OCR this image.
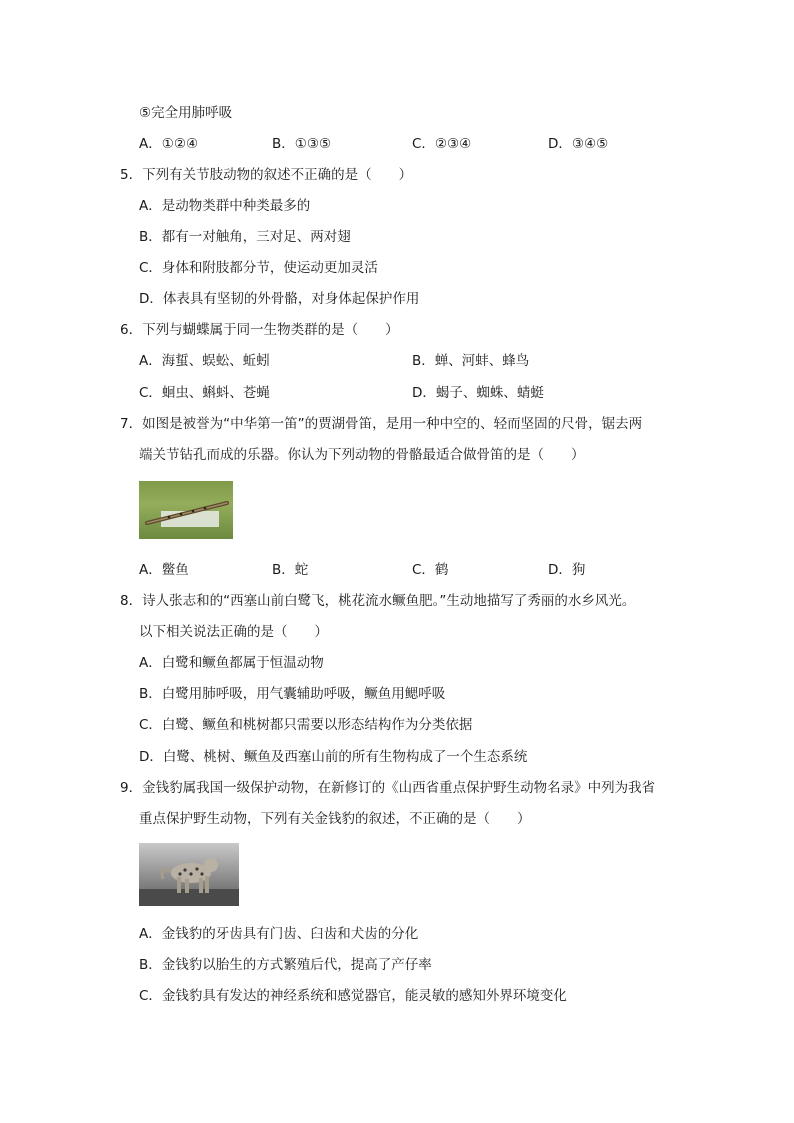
⑤完全用肺呼吸
A．①②④	B．①③⑤	C．②③④	D．③④⑤
5．下列有关节肢动物的叙述不正确的是（　　）
A．是动物类群中种类最多的
B．都有一对触角，三对足、两对翅
C．身体和附肢都分节，使运动更加灵活
D．体表具有坚韧的外骨骼，对身体起保护作用
6．下列与蝴蝶属于同一生物类群的是（　　）
A．海蜇、蜈蚣、蚯蚓	B．蝉、河蚌、蜂鸟
C．蛔虫、蝌蚪、苍蝇	D．蝎子、蜘蛛、蜻蜓
7．如图是被誉为“中华第一笛”的贾湖骨笛，是用一种中空的、轻而坚固的尺骨，锯去两
端关节钻孔而成的乐器。你认为下列动物的骨骼最适合做骨笛的是（　　）
A．鳖鱼	B．蛇	C．鹤	D．狗
8．诗人张志和的“西塞山前白鹭飞，桃花流水鳜鱼肥。”生动地描写了秀丽的水乡风光。
以下相关说法正确的是（　　）
A．白鹭和鳜鱼都属于恒温动物
B．白鹭用肺呼吸，用气囊辅助呼吸，鳜鱼用鳃呼吸
C．白鹭、鳜鱼和桃树都只需要以形态结构作为分类依据
D．白鹭、桃树、鳜鱼及西塞山前的所有生物构成了一个生态系统
9．金钱豹属我国一级保护动物，在新修订的《山西省重点保护野生动物名录》中列为我省
重点保护野生动物，下列有关金钱豹的叙述，不正确的是（　　）
A．金钱豹的牙齿具有门齿、臼齿和犬齿的分化
B．金钱豹以胎生的方式繁殖后代，提高了产仔率
C．金钱豹具有发达的神经系统和感觉器官，能灵敏的感知外界环境变化
